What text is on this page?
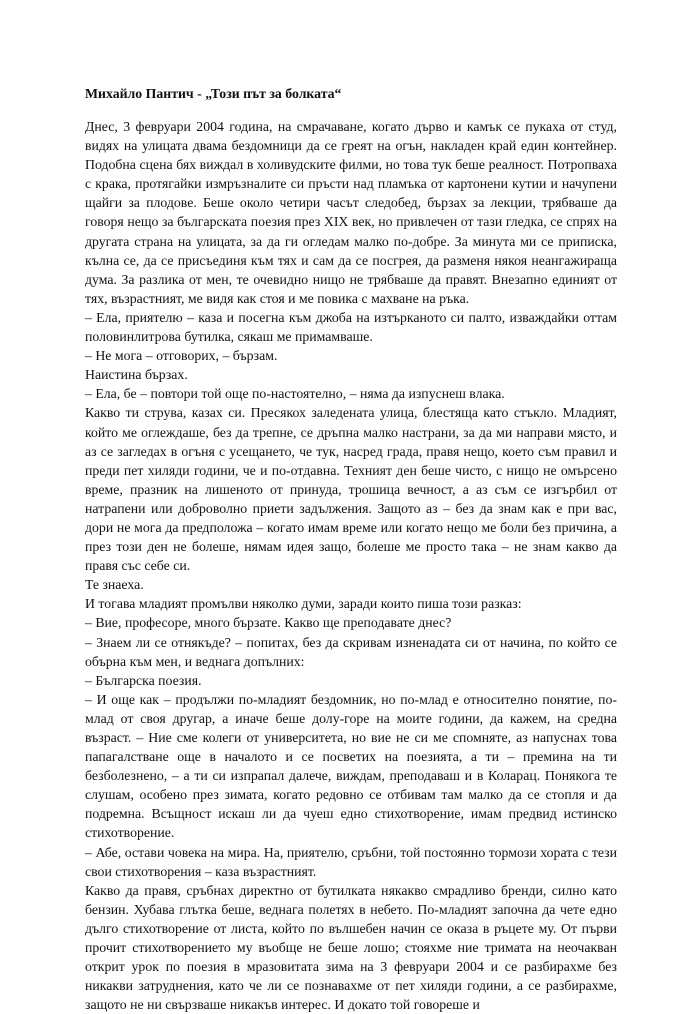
Михайло Пантич - „Този път за болката“

Днес, 3 февруари 2004 година, на смрачаване, когато дърво и камък се пукаха от студ, видях на улицата двама бездомници да се греят на огън, накладен край един контейнер. Подобна сцена бях виждал в холивудските филми, но това тук беше реалност. Потропваха с крака, протягайки измръзналите си пръсти над пламъка от картонени кутии и начупени щайги за плодове. Беше около четири часът следобед, бързах за лекции, трябваше да говоря нещо за българската поезия през XIX век, но привлечен от тази гледка, се спрях на другата страна на улицата, за да ги огледам малко по-добре. За минута ми се приписка, кълна се, да се присъединя към тях и сам да се посгрея, да разменя някоя неангажираща дума. За разлика от мен, те очевидно нищо не трябваше да правят. Внезапно единият от тях, възрастният, ме видя как стоя и ме повика с махване на ръка.

– Ела, приятелю – каза и посегна към джоба на изтърканото си палто, изваждайки оттам половинлитрова бутилка, сякаш ме примамваше.

– Не мога – отговорих, – бързам.

Наистина бързах.

– Ела, бе – повтори той още по-настоятелно, – няма да изпуснеш влака.

Какво ти струва, казах си. Пресякох заледената улица, блестяща като стъкло. Младият, който ме оглеждаше, без да трепне, се дръпна малко настрани, за да ми направи място, и аз се загледах в огъня с усещането, че тук, насред града, правя нещо, което съм правил и преди пет хиляди години, че и по-отдавна. Техният ден беше чисто, с нищо не омърсено време, празник на лишеното от принуда, трошица вечност, а аз съм се изгърбил от натрапени или доброволно приети задължения. Защото аз – без да знам как е при вас, дори не мога да предположа – когато имам време или когато нещо ме боли без причина, а през този ден не болеше, нямам идея защо, болеше ме просто така – не знам какво да правя със себе си.

Те знаеха.

И тогава младият промълви няколко думи, заради които пиша този разказ:

– Вие, професоре, много бързате. Какво ще преподавате днес?

– Знаем ли се отнякъде? – попитах, без да скривам изненадата си от начина, по който се обърна към мен, и веднага допълних:

– Българска поезия.

– И още как – продължи по-младият бездомник, но по-млад е относително понятие, по-млад от своя другар, а иначе беше долу-горе на моите години, да кажем, на средна възраст. – Ние сме колеги от университета, но вие не си ме спомняте, аз напуснах това папагалстване още в началото и се посветих на поезията, а ти – премина на ти безболезнено, – а ти си изпрапал далече, виждам, преподаваш и в Коларац. Понякога те слушам, особено през зимата, когато редовно се отбивам там малко да се стопля и да подремна. Всъщност искаш ли да чуеш едно стихотворение, имам предвид истинско стихотворение.

– Абе, остави човека на мира. На, приятелю, сръбни, той постоянно тормози хората с тези свои стихотворения – каза възрастният.

Какво да правя, сръбнах директно от бутилката някакво смрадливо бренди, силно като бензин. Хубава глътка беше, веднага полетях в небето. По-младият започна да чете едно дълго стихотворение от листа, който по вълшебен начин се оказа в ръцете му. От първи прочит стихотворението му въобще не беше лошо; стояхме ние тримата на неочакван открит урок по поезия в мразовитата зима на 3 февруари 2004 и се разбирахме без никакви затруднения, като че ли се познавахме от пет хиляди години, а се разбирахме, защото не ни свързваше никакъв интерес. И докато той говореше и
